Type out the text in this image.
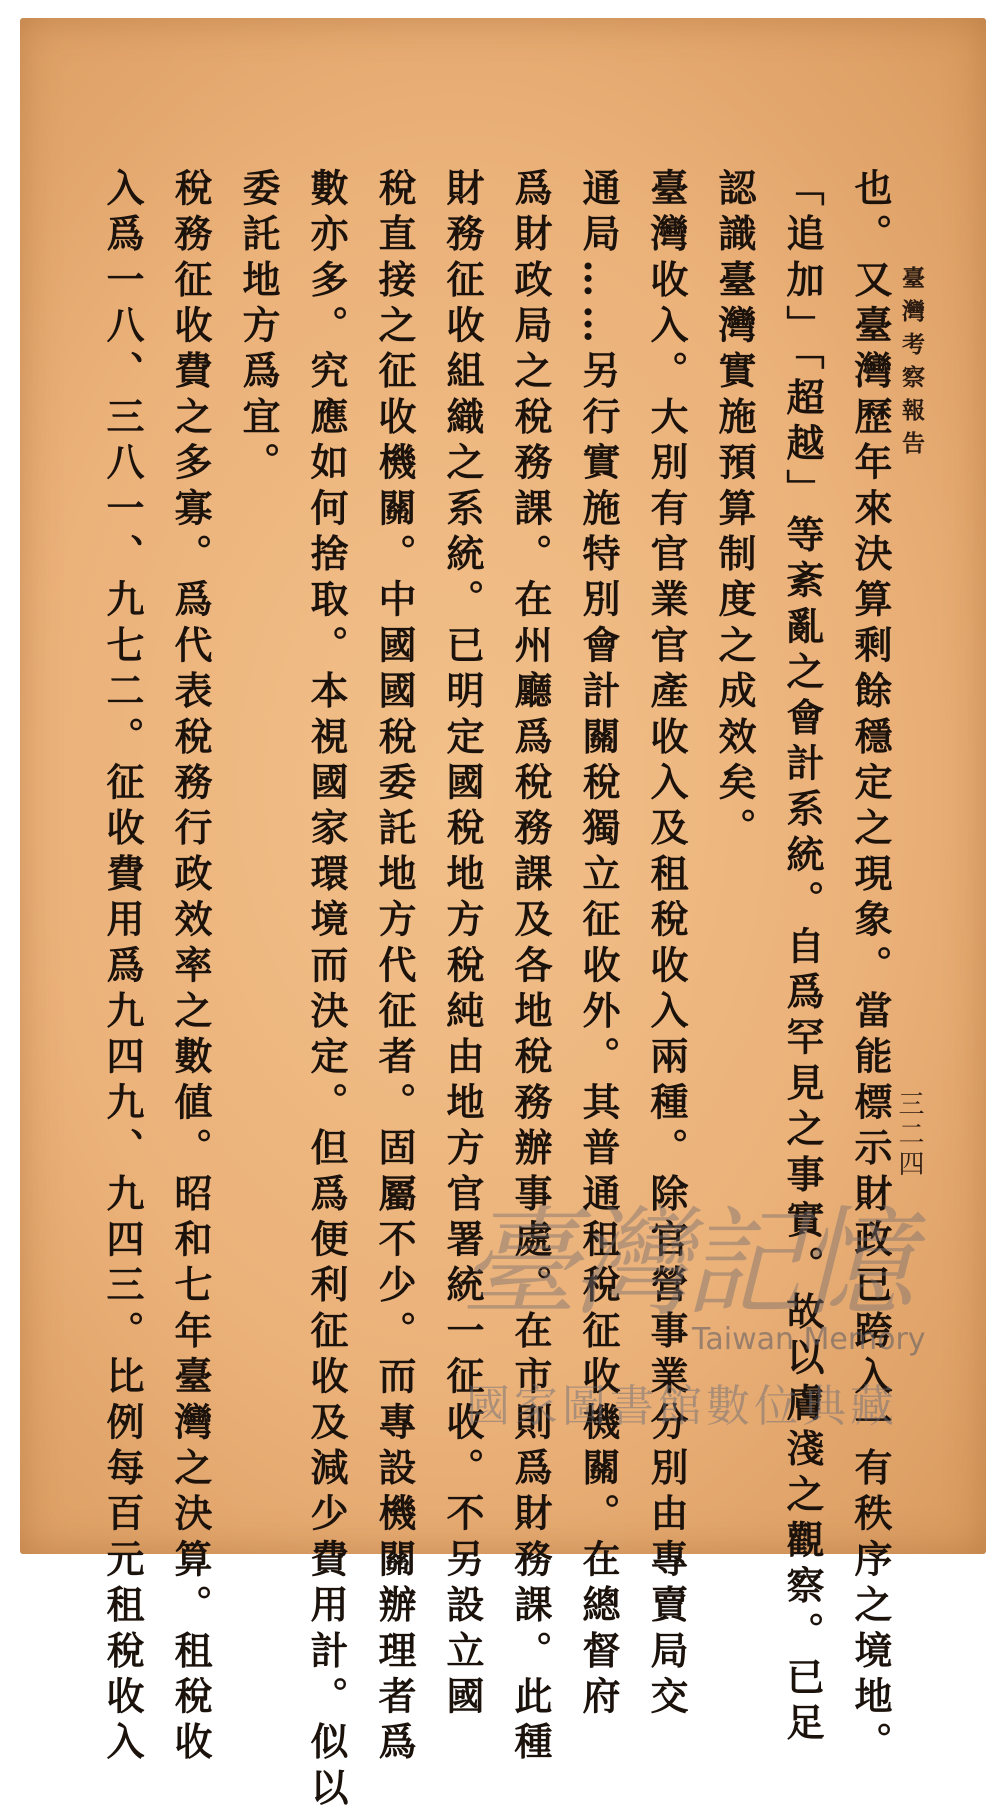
臺灣考察報告
三二四
也。又臺灣歷年來決算剩餘穩定之現象。當能標示財政已跨入一有秩序之境地。
「追加」「超越」等紊亂之會計系統。自爲罕見之事實。故以膚淺之觀察。已足
認識臺灣實施預算制度之成效矣。
臺灣收入。大別有官業官產收入及租稅收入兩種。除官營事業分別由專賣局交
通局……另行實施特別會計關稅獨立征收外。其普通租稅征收機關。在總督府
爲財政局之稅務課。在州廳爲稅務課及各地稅務辦事處。在市則爲財務課。此種
財務征收組織之系統。已明定國稅地方稅純由地方官署統一征收。不另設立國
稅直接之征收機關。中國國稅委託地方代征者。固屬不少。而專設機關辦理者爲
數亦多。究應如何捨取。本視國家環境而決定。但爲便利征收及減少費用計。似以
委託地方爲宜。
稅務征收費之多寡。爲代表稅務行政效率之數値。昭和七年臺灣之決算。租稅收
入爲一八、三八一、九七二。征收費用爲九四九、九四三。比例每百元租稅收入	臺灣記憶
Taiwan Memory
國家圖書館數位典藏
